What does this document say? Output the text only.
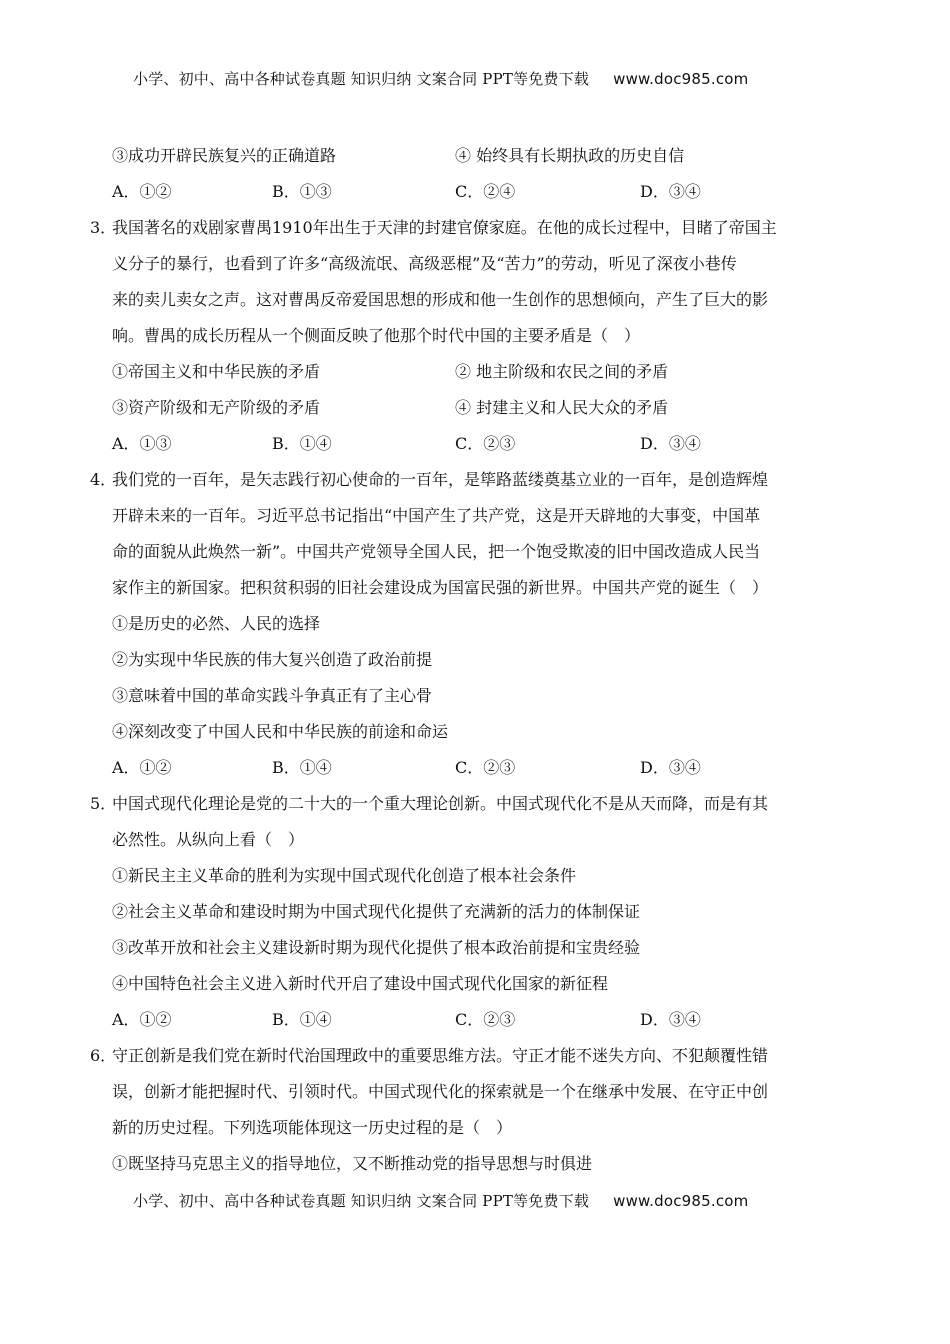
小学、初中、高中各种试卷真题 知识归纳 文案合同 PPT等免费下载 www.doc985.com
③成功开辟民族复兴的正确道路	④ 始终具有长期执政的历史自信
A．①②	B．①③	C．②④	D．③④
3．我国著名的戏剧家曹禺1910年出生于天津的封建官僚家庭。在他的成长过程中，目睹了帝国主
义分子的暴行，也看到了许多“高级流氓、高级恶棍”及“苦力”的劳动，听见了深夜小巷传
来的卖儿卖女之声。这对曹禺反帝爱国思想的形成和他一生创作的思想倾向，产生了巨大的影
响。曹禺的成长历程从一个侧面反映了他那个时代中国的主要矛盾是（　）
①帝国主义和中华民族的矛盾	② 地主阶级和农民之间的矛盾
③资产阶级和无产阶级的矛盾	④ 封建主义和人民大众的矛盾
A．①③	B．①④	C．②③	D．③④
4．我们党的一百年，是矢志践行初心使命的一百年，是筚路蓝缕奠基立业的一百年，是创造辉煌
开辟未来的一百年。习近平总书记指出“中国产生了共产党，这是开天辟地的大事变，中国革
命的面貌从此焕然一新”。中国共产党领导全国人民，把一个饱受欺凌的旧中国改造成人民当
家作主的新国家。把积贫积弱的旧社会建设成为国富民强的新世界。中国共产党的诞生（　）
①是历史的必然、人民的选择
②为实现中华民族的伟大复兴创造了政治前提
③意味着中国的革命实践斗争真正有了主心骨
④深刻改变了中国人民和中华民族的前途和命运
A．①②	B．①④	C．②③	D．③④
5．中国式现代化理论是党的二十大的一个重大理论创新。中国式现代化不是从天而降，而是有其
必然性。从纵向上看（　）
①新民主主义革命的胜利为实现中国式现代化创造了根本社会条件
②社会主义革命和建设时期为中国式现代化提供了充满新的活力的体制保证
③改革开放和社会主义建设新时期为现代化提供了根本政治前提和宝贵经验
④中国特色社会主义进入新时代开启了建设中国式现代化国家的新征程
A．①②	B．①④	C．②③	D．③④
6．守正创新是我们党在新时代治国理政中的重要思维方法。守正才能不迷失方向、不犯颠覆性错
误，创新才能把握时代、引领时代。中国式现代化的探索就是一个在继承中发展、在守正中创
新的历史过程。下列选项能体现这一历史过程的是（　）
①既坚持马克思主义的指导地位，又不断推动党的指导思想与时俱进
小学、初中、高中各种试卷真题 知识归纳 文案合同 PPT等免费下载 www.doc985.com
